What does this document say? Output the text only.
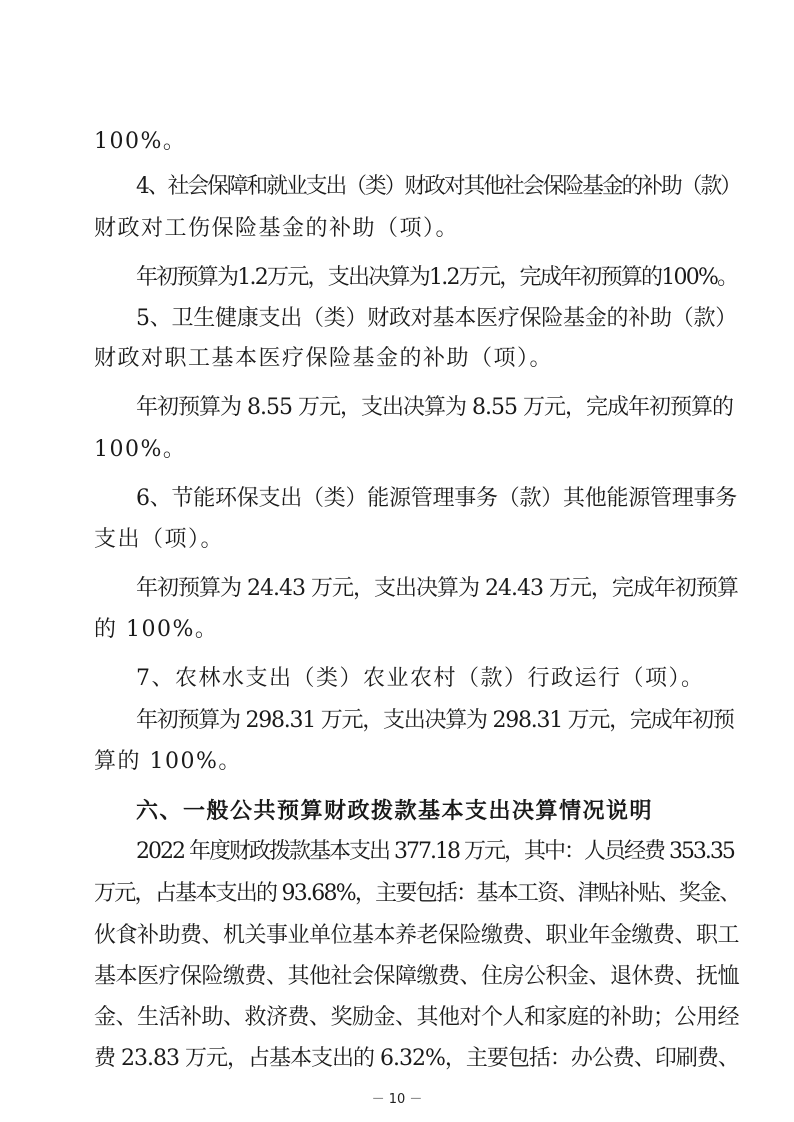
100%。
4、社会保障和就业支出（类）财政对其他社会保险基金的补助（款）
财政对工伤保险基金的补助（项）。
年初预算为1.2万元，支出决算为1.2万元，完成年初预算的100%。
5、卫生健康支出（类）财政对基本医疗保险基金的补助（款）
财政对职工基本医疗保险基金的补助（项）。
年初预算为 8.55 万元，支出决算为 8.55 万元，完成年初预算的
100%。
6、节能环保支出（类）能源管理事务（款）其他能源管理事务
支出（项）。
年初预算为 24.43 万元，支出决算为 24.43 万元，完成年初预算
的 100%。
7、农林水支出（类）农业农村（款）行政运行（项）。
年初预算为 298.31 万元，支出决算为 298.31 万元，完成年初预
算的 100%。
六、一般公共预算财政拨款基本支出决算情况说明
2022 年度财政拨款基本支出 377.18 万元，其中：人员经费 353.35
万元，占基本支出的 93.68%，主要包括：基本工资、津贴补贴、奖金、
伙食补助费、机关事业单位基本养老保险缴费、职业年金缴费、职工
基本医疗保险缴费、其他社会保障缴费、住房公积金、退休费、抚恤
金、生活补助、救济费、奖励金、其他对个人和家庭的补助；公用经
费 23.83 万元，占基本支出的 6.32%，主要包括：办公费、印刷费、
－ 10 －
